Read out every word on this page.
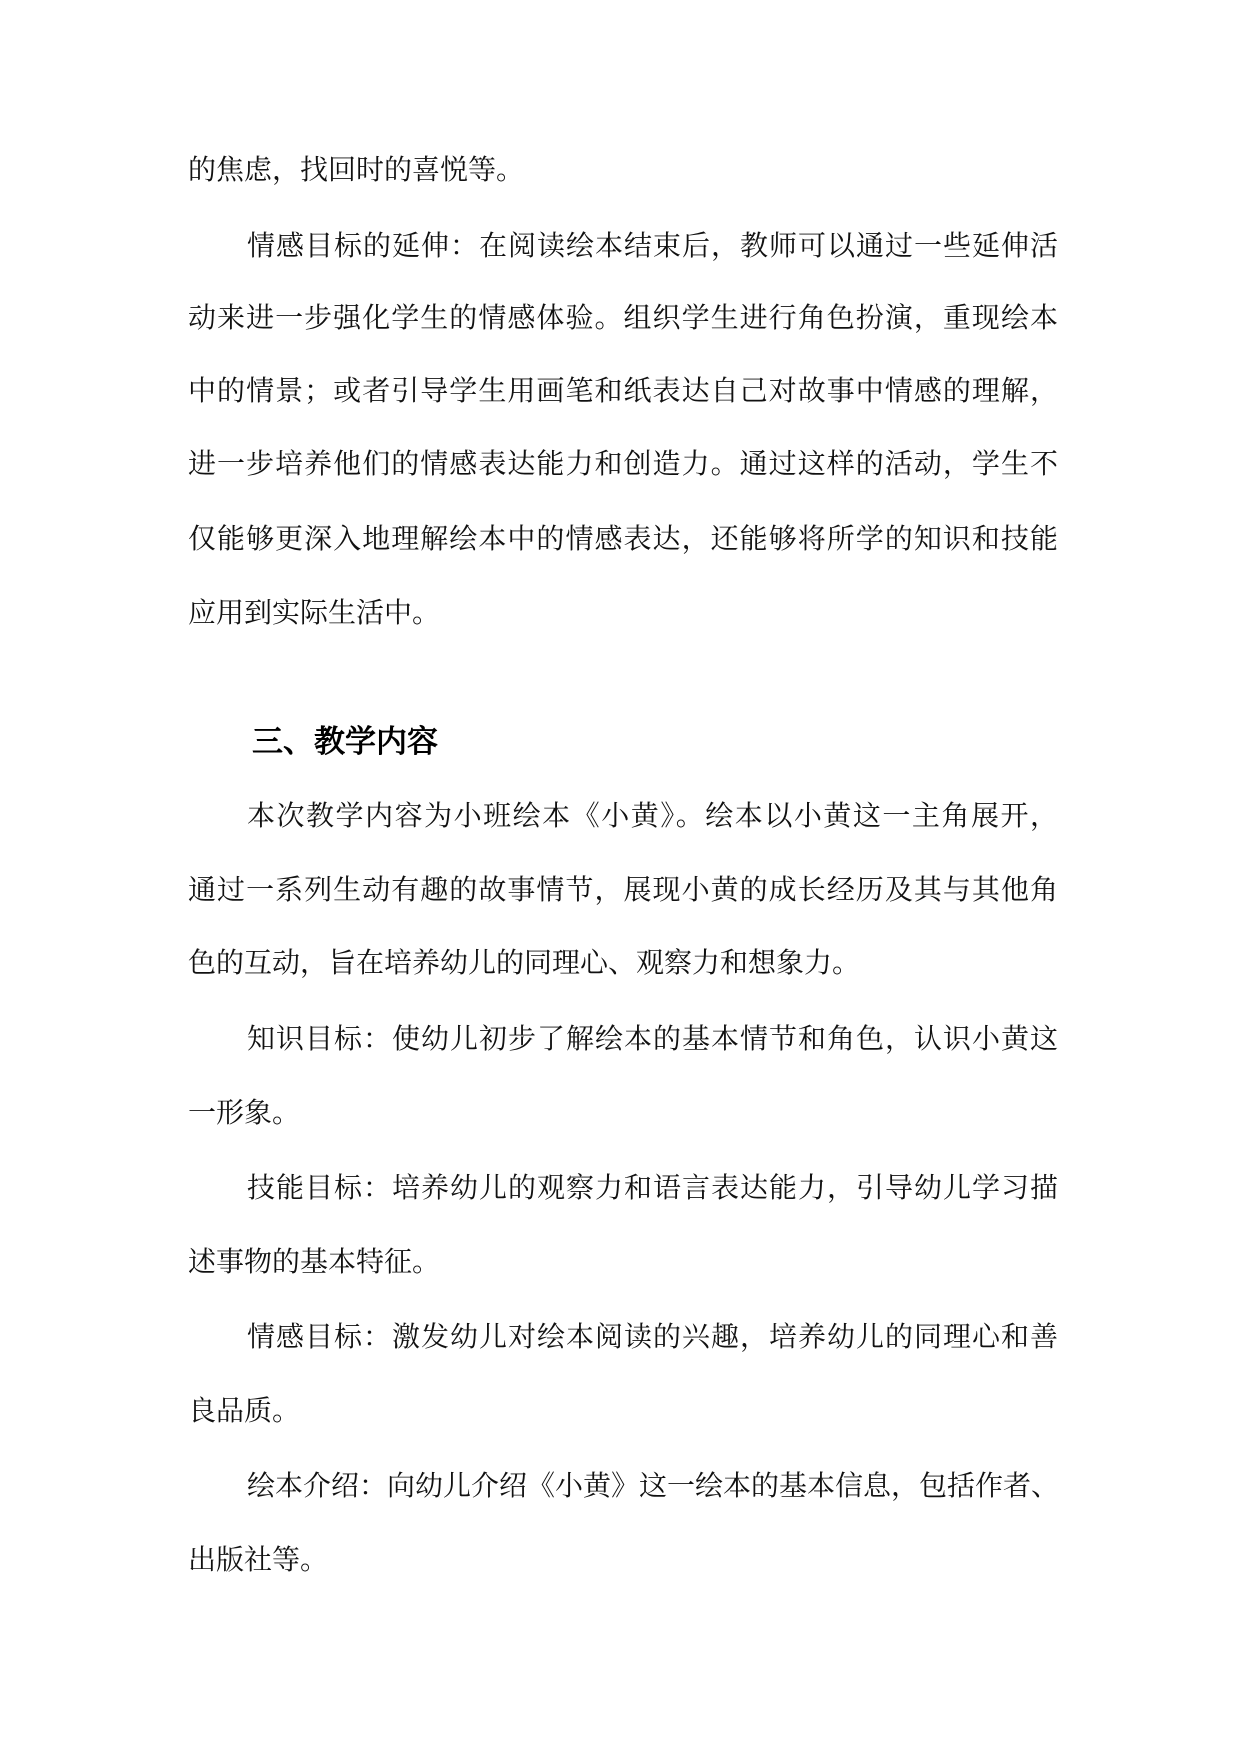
的焦虑，找回时的喜悦等。
情感目标的延伸：在阅读绘本结束后，教师可以通过一些延伸活
动来进一步强化学生的情感体验。组织学生进行角色扮演，重现绘本
中的情景；或者引导学生用画笔和纸表达自己对故事中情感的理解，
进一步培养他们的情感表达能力和创造力。通过这样的活动，学生不
仅能够更深入地理解绘本中的情感表达，还能够将所学的知识和技能
应用到实际生活中。
三、教学内容
本次教学内容为小班绘本《小黄》。绘本以小黄这一主角展开，
通过一系列生动有趣的故事情节，展现小黄的成长经历及其与其他角
色的互动，旨在培养幼儿的同理心、观察力和想象力。
知识目标：使幼儿初步了解绘本的基本情节和角色，认识小黄这
一形象。
技能目标：培养幼儿的观察力和语言表达能力，引导幼儿学习描
述事物的基本特征。
情感目标：激发幼儿对绘本阅读的兴趣，培养幼儿的同理心和善
良品质。
绘本介绍：向幼儿介绍《小黄》这一绘本的基本信息，包括作者、
出版社等。
